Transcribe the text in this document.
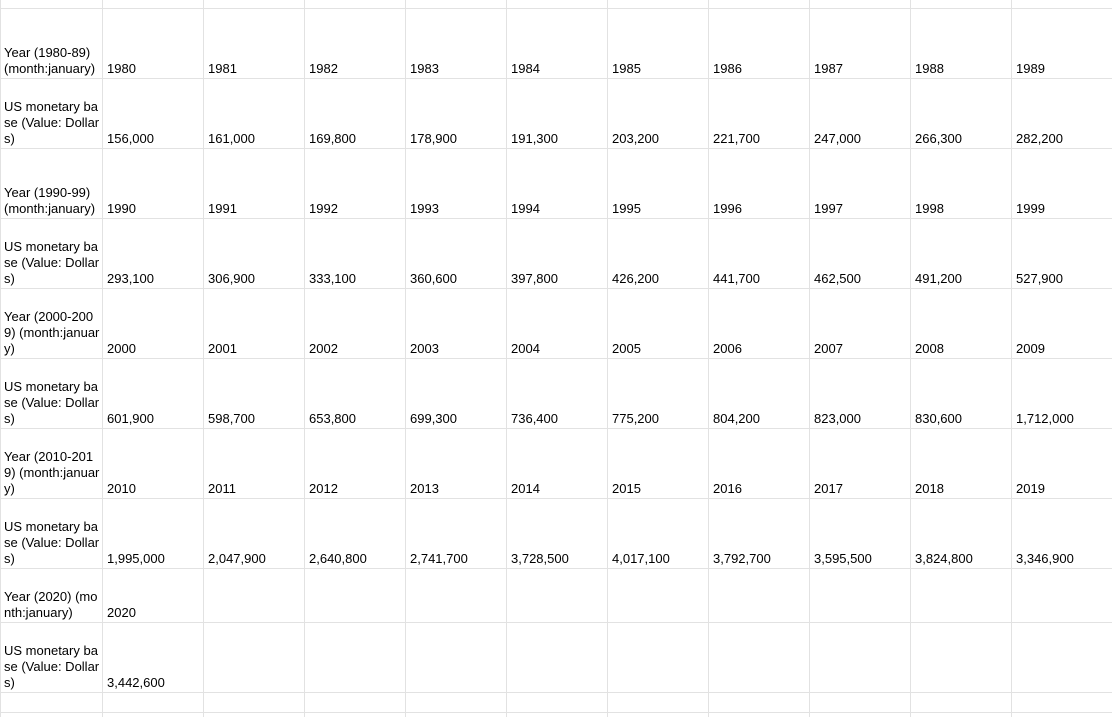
Year (1980-89) (month:january) 1980	1981	1982	1983	1984	1985	1986	1987	1988	1989
US monetary base (Value: Dollars)	156,000	161,000	169,800	178,900	191,300	203,200	221,700	247,000	266,300	282,200
Year (1990-99) (month:january) 1990	1991	1992	1993	1994	1995	1996	1997	1998	1999
US monetary base (Value: Dollars)	293,100	306,900	333,100	360,600	397,800	426,200	441,700	462,500	491,200	527,900
Year (2000-2009) (month:january)	2000	2001	2002	2003	2004	2005	2006	2007	2008	2009
US monetary base (Value: Dollars)	601,900	598,700	653,800	699,300	736,400	775,200	804,200	823,000	830,600	1,712,000
Year (2010-2019) (month:january)	2010	2011	2012	2013	2014	2015	2016	2017	2018	2019
US monetary base (Value: Dollars)	1,995,000	2,047,900	2,640,800	2,741,700	3,728,500	4,017,100	3,792,700	3,595,500	3,824,800	3,346,900
Year (2020) (month:january)	2020
US monetary base (Value: Dollars)	3,442,600
